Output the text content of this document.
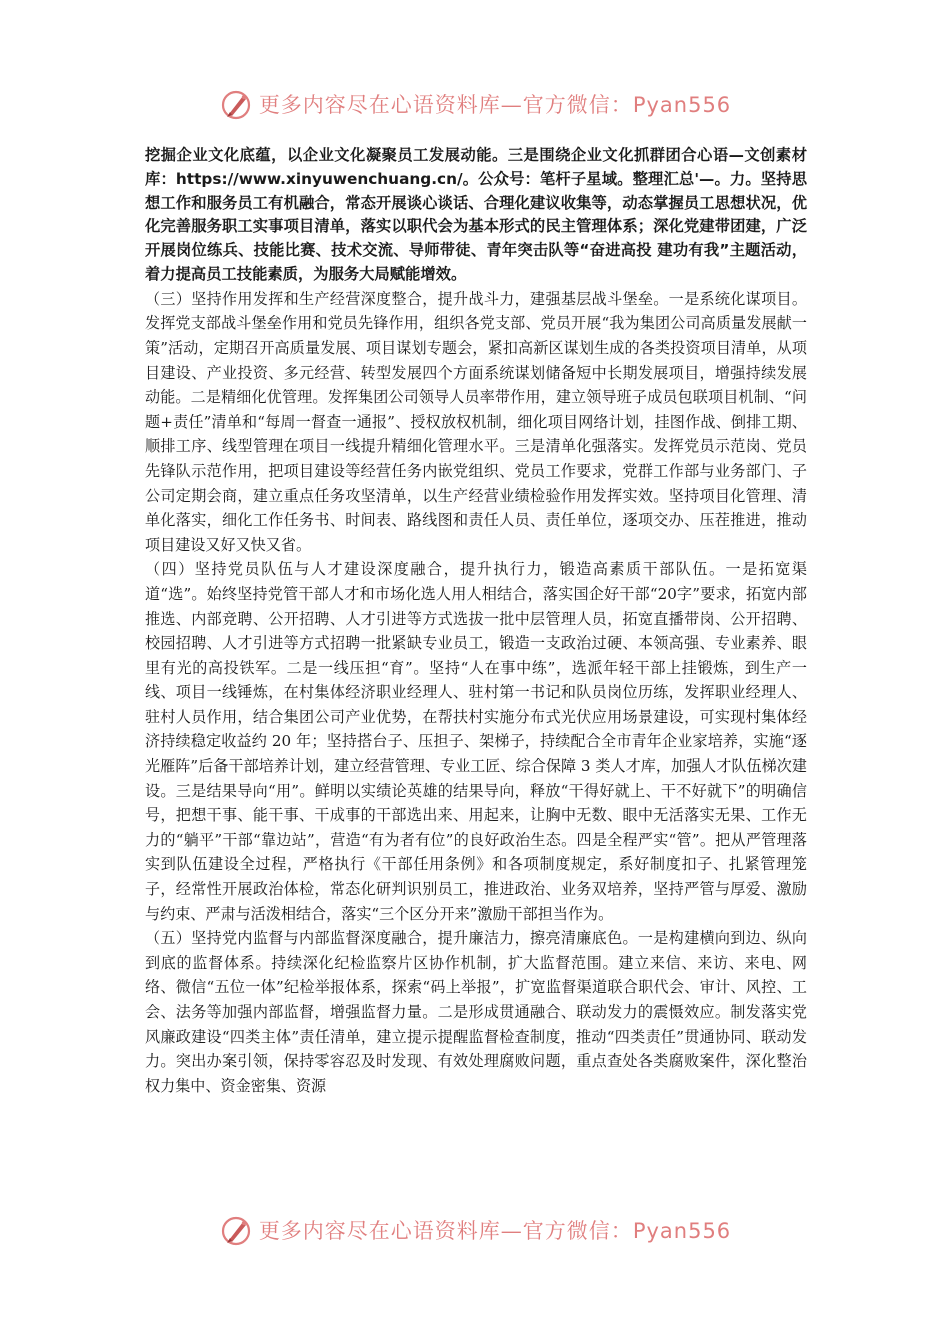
更多内容尽在心语资料库—官方微信：Pyan556

挖掘企业文化底蕴，以企业文化凝聚员工发展动能。三是围绕企业文化抓群团合心语—文创素材库：https://www.xinyuwenchuang.cn/。公众号：笔杆子星域。整理汇总'—。力。坚持思想工作和服务员工有机融合，常态开展谈心谈话、合理化建议收集等，动态掌握员工思想状况，优化完善服务职工实事项目清单，落实以职代会为基本形式的民主管理体系；深化党建带团建，广泛开展岗位练兵、技能比赛、技术交流、导师带徒、青年突击队等“奋进高投 建功有我”主题活动，着力提高员工技能素质，为服务大局赋能增效。

（三）坚持作用发挥和生产经营深度整合，提升战斗力，建强基层战斗堡垒。一是系统化谋项目。发挥党支部战斗堡垒作用和党员先锋作用，组织各党支部、党员开展“我为集团公司高质量发展献一策”活动，定期召开高质量发展、项目谋划专题会，紧扣高新区谋划生成的各类投资项目清单，从项目建设、产业投资、多元经营、转型发展四个方面系统谋划储备短中长期发展项目，增强持续发展动能。二是精细化优管理。发挥集团公司领导人员率带作用，建立领导班子成员包联项目机制、“问题+责任”清单和“每周一督查一通报”、授权放权机制，细化项目网络计划，挂图作战、倒排工期、顺排工序、线型管理在项目一线提升精细化管理水平。三是清单化强落实。发挥党员示范岗、党员先锋队示范作用，把项目建设等经营任务内嵌党组织、党员工作要求，党群工作部与业务部门、子公司定期会商，建立重点任务攻坚清单，以生产经营业绩检验作用发挥实效。坚持项目化管理、清单化落实，细化工作任务书、时间表、路线图和责任人员、责任单位，逐项交办、压茬推进，推动项目建设又好又快又省。

（四）坚持党员队伍与人才建设深度融合，提升执行力，锻造高素质干部队伍。一是拓宽渠道“选”。始终坚持党管干部人才和市场化选人用人相结合，落实国企好干部“20字”要求，拓宽内部推选、内部竞聘、公开招聘、人才引进等方式选拔一批中层管理人员，拓宽直播带岗、公开招聘、校园招聘、人才引进等方式招聘一批紧缺专业员工，锻造一支政治过硬、本领高强、专业素养、眼里有光的高投铁军。二是一线压担“育”。坚持“人在事中练”，选派年轻干部上挂锻炼，到生产一线、项目一线锤炼，在村集体经济职业经理人、驻村第一书记和队员岗位历练，发挥职业经理人、驻村人员作用，结合集团公司产业优势，在帮扶村实施分布式光伏应用场景建设，可实现村集体经济持续稳定收益约 20 年；坚持搭台子、压担子、架梯子，持续配合全市青年企业家培养，实施“逐光雁阵”后备干部培养计划，建立经营管理、专业工匠、综合保障 3 类人才库，加强人才队伍梯次建设。三是结果导向“用”。鲜明以实绩论英雄的结果导向，释放“干得好就上、干不好就下”的明确信号，把想干事、能干事、干成事的干部选出来、用起来，让胸中无数、眼中无活落实无果、工作无力的“躺平”干部“靠边站”，营造“有为者有位”的良好政治生态。四是全程严实“管”。把从严管理落实到队伍建设全过程，严格执行《干部任用条例》和各项制度规定，系好制度扣子、扎紧管理笼子，经常性开展政治体检，常态化研判识别员工，推进政治、业务双培养，坚持严管与厚爱、激励与约束、严肃与活泼相结合，落实“三个区分开来”激励干部担当作为。

（五）坚持党内监督与内部监督深度融合，提升廉洁力，擦亮清廉底色。一是构建横向到边、纵向到底的监督体系。持续深化纪检监察片区协作机制，扩大监督范围。建立来信、来访、来电、网络、微信“五位一体”纪检举报体系，探索“码上举报”，扩宽监督渠道联合职代会、审计、风控、工会、法务等加强内部监督，增强监督力量。二是形成贯通融合、联动发力的震慑效应。制发落实党风廉政建设“四类主体”责任清单，建立提示提醒监督检查制度，推动“四类责任”贯通协同、联动发力。突出办案引领，保持零容忍及时发现、有效处理腐败问题，重点查处各类腐败案件，深化整治权力集中、资金密集、资源

更多内容尽在心语资料库—官方微信：Pyan556
